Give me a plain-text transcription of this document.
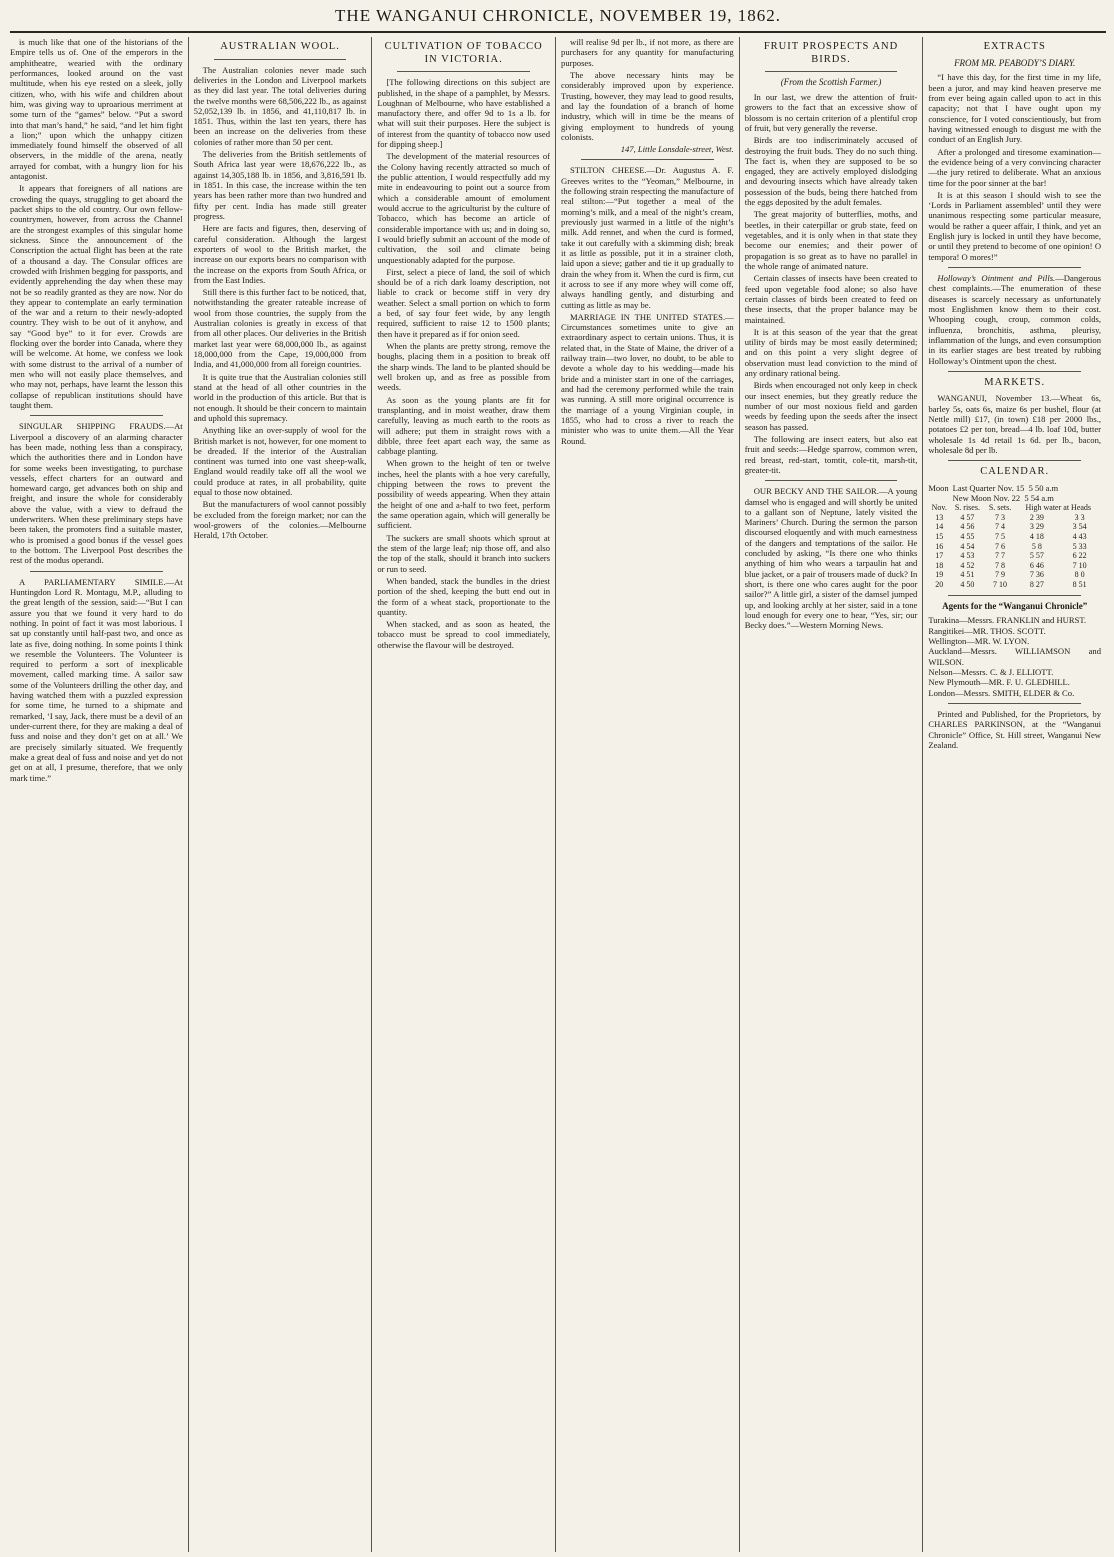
THE WANGANUI CHRONICLE, NOVEMBER 19, 1862.

is much like that one of the historians of the Empire tells us of. One of the emperors in the amphitheatre, wearied with the ordinary performances, looked around on the vast multitude, when his eye rested on a sleek, jolly citizen, who, with his wife and children about him, was giving way to uproarious merriment at some turn of the “games” below. “Put a sword into that man’s hand,” he said, “and let him fight a lion;” upon which the unhappy citizen immediately found himself the observed of all observers, in the middle of the arena, neatly arrayed for combat, with a hungry lion for his antagonist.

It appears that foreigners of all nations are crowding the quays, struggling to get aboard the packet ships to the old country. Our own fellow-countrymen, however, from across the Channel are the strongest examples of this singular home sickness. Since the announcement of the Conscription the actual flight has been at the rate of a thousand a day. The Consular offices are crowded with Irishmen begging for passports, and evidently apprehending the day when these may not be so readily granted as they are now. Nor do they appear to contemplate an early termination of the war and a return to their newly-adopted country. They wish to be out of it anyhow, and say “Good bye” to it for ever. Crowds are flocking over the border into Canada, where they will be welcome. At home, we confess we look with some distrust to the arrival of a number of men who will not easily place themselves, and who may not, perhaps, have learnt the lesson this collapse of republican institutions should have taught them.

SINGULAR SHIPPING FRAUDS.—At Liverpool a discovery of an alarming character has been made, nothing less than a conspiracy, which the authorities there and in London have for some weeks been investigating, to purchase vessels, effect charters for an outward and homeward cargo, get advances both on ship and freight, and insure the whole for considerably above the value, with a view to defraud the underwriters. When these preliminary steps have been taken, the promoters find a suitable master, who is promised a good bonus if the vessel goes to the bottom. The Liverpool Post describes the rest of the modus operandi.

A PARLIAMENTARY SIMILE.—At Huntingdon Lord R. Montagu, M.P., alluding to the great length of the session, said:—“But I can assure you that we found it very hard to do nothing. In point of fact it was most laborious. I sat up constantly until half-past two, and once as late as five, doing nothing. In some points I think we resemble the Volunteers. The Volunteer is required to perform a sort of inexplicable movement, called marking time. A sailor saw some of the Volunteers drilling the other day, and having watched them with a puzzled expression for some time, he turned to a shipmate and remarked, ‘I say, Jack, there must be a devil of an under-current there, for they are making a deal of fuss and noise and they don’t get on at all.’ We are precisely similarly situated. We frequently make a great deal of fuss and noise and yet do not get on at all, I presume, therefore, that we only mark time.”

AUSTRALIAN WOOL.

The Australian colonies never made such deliveries in the London and Liverpool markets as they did last year. The total deliveries during the twelve months were 68,506,222 lb., as against 52,052,139 lb. in 1856, and 41,110,817 lb. in 1851. Thus, within the last ten years, there has been an increase on the deliveries from these colonies of rather more than 50 per cent.

The deliveries from the British settlements of South Africa last year were 18,676,222 lb., as against 14,305,188 lb. in 1856, and 3,816,591 lb. in 1851. In this case, the increase within the ten years has been rather more than two hundred and fifty per cent. India has made still greater progress.

Here are facts and figures, then, deserving of careful consideration. Although the largest exporters of wool to the British market, the increase on our exports bears no comparison with the increase on the exports from South Africa, or from the East Indies.

Still there is this further fact to be noticed, that, notwithstanding the greater rateable increase of wool from those countries, the supply from the Australian colonies is greatly in excess of that from all other places. Our deliveries in the British market last year were 68,000,000 lb., as against 18,000,000 from the Cape, 19,000,000 from India, and 41,000,000 from all foreign countries.

It is quite true that the Australian colonies still stand at the head of all other countries in the world in the production of this article. But that is not enough. It should be their concern to maintain and uphold this supremacy.

Anything like an over-supply of wool for the British market is not, however, for one moment to be dreaded. If the interior of the Australian continent was turned into one vast sheep-walk, England would readily take off all the wool we could produce at rates, in all probability, quite equal to those now obtained.

But the manufacturers of wool cannot possibly be excluded from the foreign market; nor can the wool-growers of the colonies.—Melbourne Herald, 17th October.

CULTIVATION OF TOBACCO IN VICTORIA.

[The following directions on this subject are published, in the shape of a pamphlet, by Messrs. Loughnan of Melbourne, who have established a manufactory there, and offer 9d to 1s a lb. for what will suit their purposes. Here the subject is of interest from the quantity of tobacco now used for dipping sheep.]

The development of the material resources of the Colony having recently attracted so much of the public attention, I would respectfully add my mite in endeavouring to point out a source from which a considerable amount of emolument would accrue to the agriculturist by the culture of Tobacco, which has become an article of considerable importance with us; and in doing so, I would briefly submit an account of the mode of cultivation, the soil and climate being unquestionably adapted for the purpose.

First, select a piece of land, the soil of which should be of a rich dark loamy description, not liable to crack or become stiff in very dry weather. Select a small portion on which to form a bed, of say four feet wide, by any length required, sufficient to raise 12 to 1500 plants; then have it prepared as if for onion seed.

When the plants are pretty strong, remove the boughs, placing them in a position to break off the sharp winds. The land to be planted should be well broken up, and as free as possible from weeds.

As soon as the young plants are fit for transplanting, and in moist weather, draw them carefully, leaving as much earth to the roots as will adhere; put them in straight rows with a dibble, three feet apart each way, the same as cabbage planting.

When grown to the height of ten or twelve inches, heel the plants with a hoe very carefully, chipping between the rows to prevent the possibility of weeds appearing. When they attain the height of one and a-half to two feet, perform the same operation again, which will generally be sufficient.

The suckers are small shoots which sprout at the stem of the large leaf; nip those off, and also the top of the stalk, should it branch into suckers or run to seed.

When banded, stack the bundles in the driest portion of the shed, keeping the butt end out in the form of a wheat stack, proportionate to the quantity.

When stacked, and as soon as heated, the tobacco must be spread to cool immediately, otherwise the flavour will be destroyed.

will realise 9d per lb., if not more, as there are purchasers for any quantity for manufacturing purposes.

The above necessary hints may be considerably improved upon by experience. Trusting, however, they may lead to good results, and lay the foundation of a branch of home industry, which will in time be the means of giving employment to hundreds of young colonists.

147, Little Lonsdale-street, West.

STILTON CHEESE.—Dr. Augustus A. F. Greeves writes to the “Yeoman,” Melbourne, in the following strain respecting the manufacture of real stilton:—“Put together a meal of the morning’s milk, and a meal of the night’s cream, previously just warmed in a little of the night’s milk. Add rennet, and when the curd is formed, take it out carefully with a skimming dish; break it as little as possible, put it in a strainer cloth, laid upon a sieve; gather and tie it up gradually to drain the whey from it. When the curd is firm, cut it across to see if any more whey will come off, always handling gently, and disturbing and cutting as little as may be.

MARRIAGE IN THE UNITED STATES.—Circumstances sometimes unite to give an extraordinary aspect to certain unions. Thus, it is related that, in the State of Maine, the driver of a railway train—two lover, no doubt, to be able to devote a whole day to his wedding—made his bride and a minister start in one of the carriages, and had the ceremony performed while the train was running. A still more original occurrence is the marriage of a young Virginian couple, in 1855, who had to cross a river to reach the minister who was to unite them.—All the Year Round.

FRUIT PROSPECTS AND BIRDS.
(From the Scottish Farmer.)

In our last, we drew the attention of fruit-growers to the fact that an excessive show of blossom is no certain criterion of a plentiful crop of fruit, but very generally the reverse.

Birds are too indiscriminately accused of destroying the fruit buds. They do no such thing. The fact is, when they are supposed to be so engaged, they are actively employed dislodging and devouring insects which have already taken possession of the buds, being there hatched from the eggs deposited by the adult females.

The great majority of butterflies, moths, and beetles, in their caterpillar or grub state, feed on vegetables, and it is only when in that state they become our enemies; and their power of propagation is so great as to have no parallel in the whole range of animated nature.

Certain classes of insects have been created to feed upon vegetable food alone; so also have certain classes of birds been created to feed on these insects, that the proper balance may be maintained.

It is at this season of the year that the great utility of birds may be most easily determined; and on this point a very slight degree of observation must lead conviction to the mind of any ordinary rational being.

Birds when encouraged not only keep in check our insect enemies, but they greatly reduce the number of our most noxious field and garden weeds by feeding upon the seeds after the insect season has passed.

The following are insect eaters, but also eat fruit and seeds:—Hedge sparrow, common wren, red breast, red-start, tomtit, cole-tit, marsh-tit, greater-tit.

OUR BECKY AND THE SAILOR.—A young damsel who is engaged and will shortly be united to a gallant son of Neptune, lately visited the Mariners’ Church. During the sermon the parson discoursed eloquently and with much earnestness of the dangers and temptations of the sailor. He concluded by asking, “Is there one who thinks anything of him who wears a tarpaulin hat and blue jacket, or a pair of trousers made of duck? In short, is there one who cares aught for the poor sailor?” A little girl, a sister of the damsel jumped up, and looking archly at her sister, said in a tone loud enough for every one to hear, “Yes, sir; our Becky does.”—Western Morning News.

EXTRACTS
FROM MR. PEABODY’S DIARY.

“I have this day, for the first time in my life, been a juror, and may kind heaven preserve me from ever being again called upon to act in this capacity; not that I have ought upon my conscience, for I voted conscientiously, but from having witnessed enough to disgust me with the conduct of an English Jury.

After a prolonged and tiresome examination—the evidence being of a very convincing character—the jury retired to deliberate. What an anxious time for the poor sinner at the bar!

It is at this season I should wish to see the ‘Lords in Parliament assembled’ until they were unanimous respecting some particular measure, would be rather a queer affair, I think, and yet an English jury is locked in until they have become, or until they pretend to become of one opinion! O tempora! O mores!”

Holloway’s Ointment and Pills.—Dangerous chest complaints.—The enumeration of these diseases is scarcely necessary as unfortunately most Englishmen know them to their cost. Whooping cough, croup, common colds, influenza, bronchitis, asthma, pleurisy, inflammation of the lungs, and even consumption in its earlier stages are best treated by rubbing Holloway’s Ointment upon the chest.

MARKETS.

WANGANUI, November 13.—Wheat 6s, barley 5s, oats 6s, maize 6s per bushel, flour (at Nettle mill) £17, (in town) £18 per 2000 lbs., potatoes £2 per ton, bread—4 lb. loaf 10d, butter wholesale 1s 4d retail 1s 6d. per lb., bacon, wholesale 8d per lb.

CALENDAR.
Moon Last Quarter Nov. 15 5 50 a.m
New Moon Nov. 22 5 54 a.m
Nov.	S. rises.	S. sets.	High water at Heads	
13	4 57	7 3	2 39	3 3
14	4 56	7 4	3 29	3 54
15	4 55	7 5	4 18	4 43
16	4 54	7 6	5 8	5 33
17	4 53	7 7	5 57	6 22
18	4 52	7 8	6 46	7 10
19	4 51	7 9	7 36	8 0
20	4 50	7 10	8 27	8 51
Agents for the “Wanganui Chronicle”
Turakina—Messrs. FRANKLIN and HURST.
Rangitikei—MR. THOS. SCOTT.
Wellington—MR. W. LYON.
Auckland—Messrs. WILLIAMSON and WILSON.
Nelson—Messrs. C. & J. ELLIOTT.
New Plymouth—MR. F. U. GLEDHILL.
London—Messrs. SMITH, ELDER & Co.

Printed and Published, for the Proprietors, by CHARLES PARKINSON, at the “Wanganui Chronicle” Office, St. Hill street, Wanganui New Zealand.
